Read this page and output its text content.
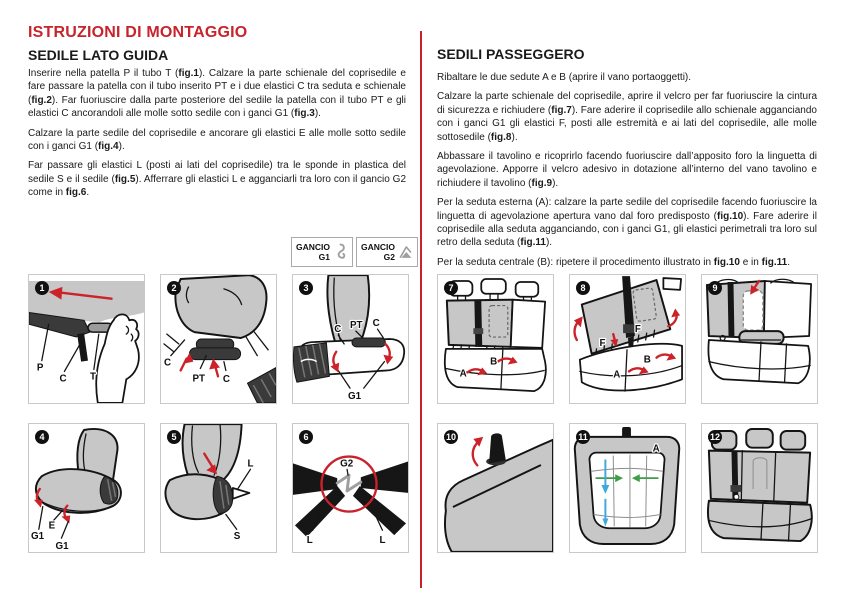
ISTRUZIONI DI MONTAGGIO
SEDILE LATO GUIDA

Inserire nella patella P il tubo T (fig.1). Calzare la parte schienale del coprisedile e fare passare la patella con il tubo inserito PT e i due elastici C tra seduta e schienale (fig.2). Far fuoriuscire dalla parte posteriore del sedile la patella con il tubo PT e gli elastici C ancorandoli alle molle sotto sedile con i ganci G1 (fig.3).

Calzare la parte sedile del coprisedile e ancorare gli elastici E alle molle sotto sedile con i ganci G1 (fig.4).

Far passare gli elastici L (posti ai lati del coprisedile) tra le sponde in plastica del sedile S e il sedile (fig.5). Afferrare gli elastici L e agganciarli tra loro con il gancio G2 come in fig.6.

SEDILI PASSEGGERO

Ribaltare le due sedute A e B (aprire il vano portaoggetti).

Calzare la parte schienale del coprisedile, aprire il velcro per far fuoriuscire la cintura di sicurezza e richiudere (fig.7). Fare aderire il coprisedile allo schienale agganciando con i ganci G1 gli elastici F, posti alle estremità e ai lati del coprisedile, alle molle sottosedile (fig.8).

Abbassare il tavolino e ricoprirlo facendo fuoriuscire dall’apposito foro la linguetta di agevolazione. Apporre il velcro adesivo in dotazione all’interno del vano tavolino e richiudere il tavolino (fig.9).

Per la seduta esterna (A): calzare la parte sedile del coprisedile facendo fuoriuscire la linguetta di agevolazione apertura vano dal foro predisposto (fig.10). Fare aderire il coprisedile alla seduta agganciando, con i ganci G1, gli elastici perimetrali tra loro sul retro della seduta (fig.11).

Per la seduta centrale (B): ripetere il procedimento illustrato in fig.10 e in fig.11.

GANCIO
G1
GANCIO
G2
P
C T
1
C
PT C
2
C PT C
G1
3
G1
E
G1
4
L
S
5
G2
L	L
6
A
B
7
F
F
A
B
8	9
10
A
11	12
